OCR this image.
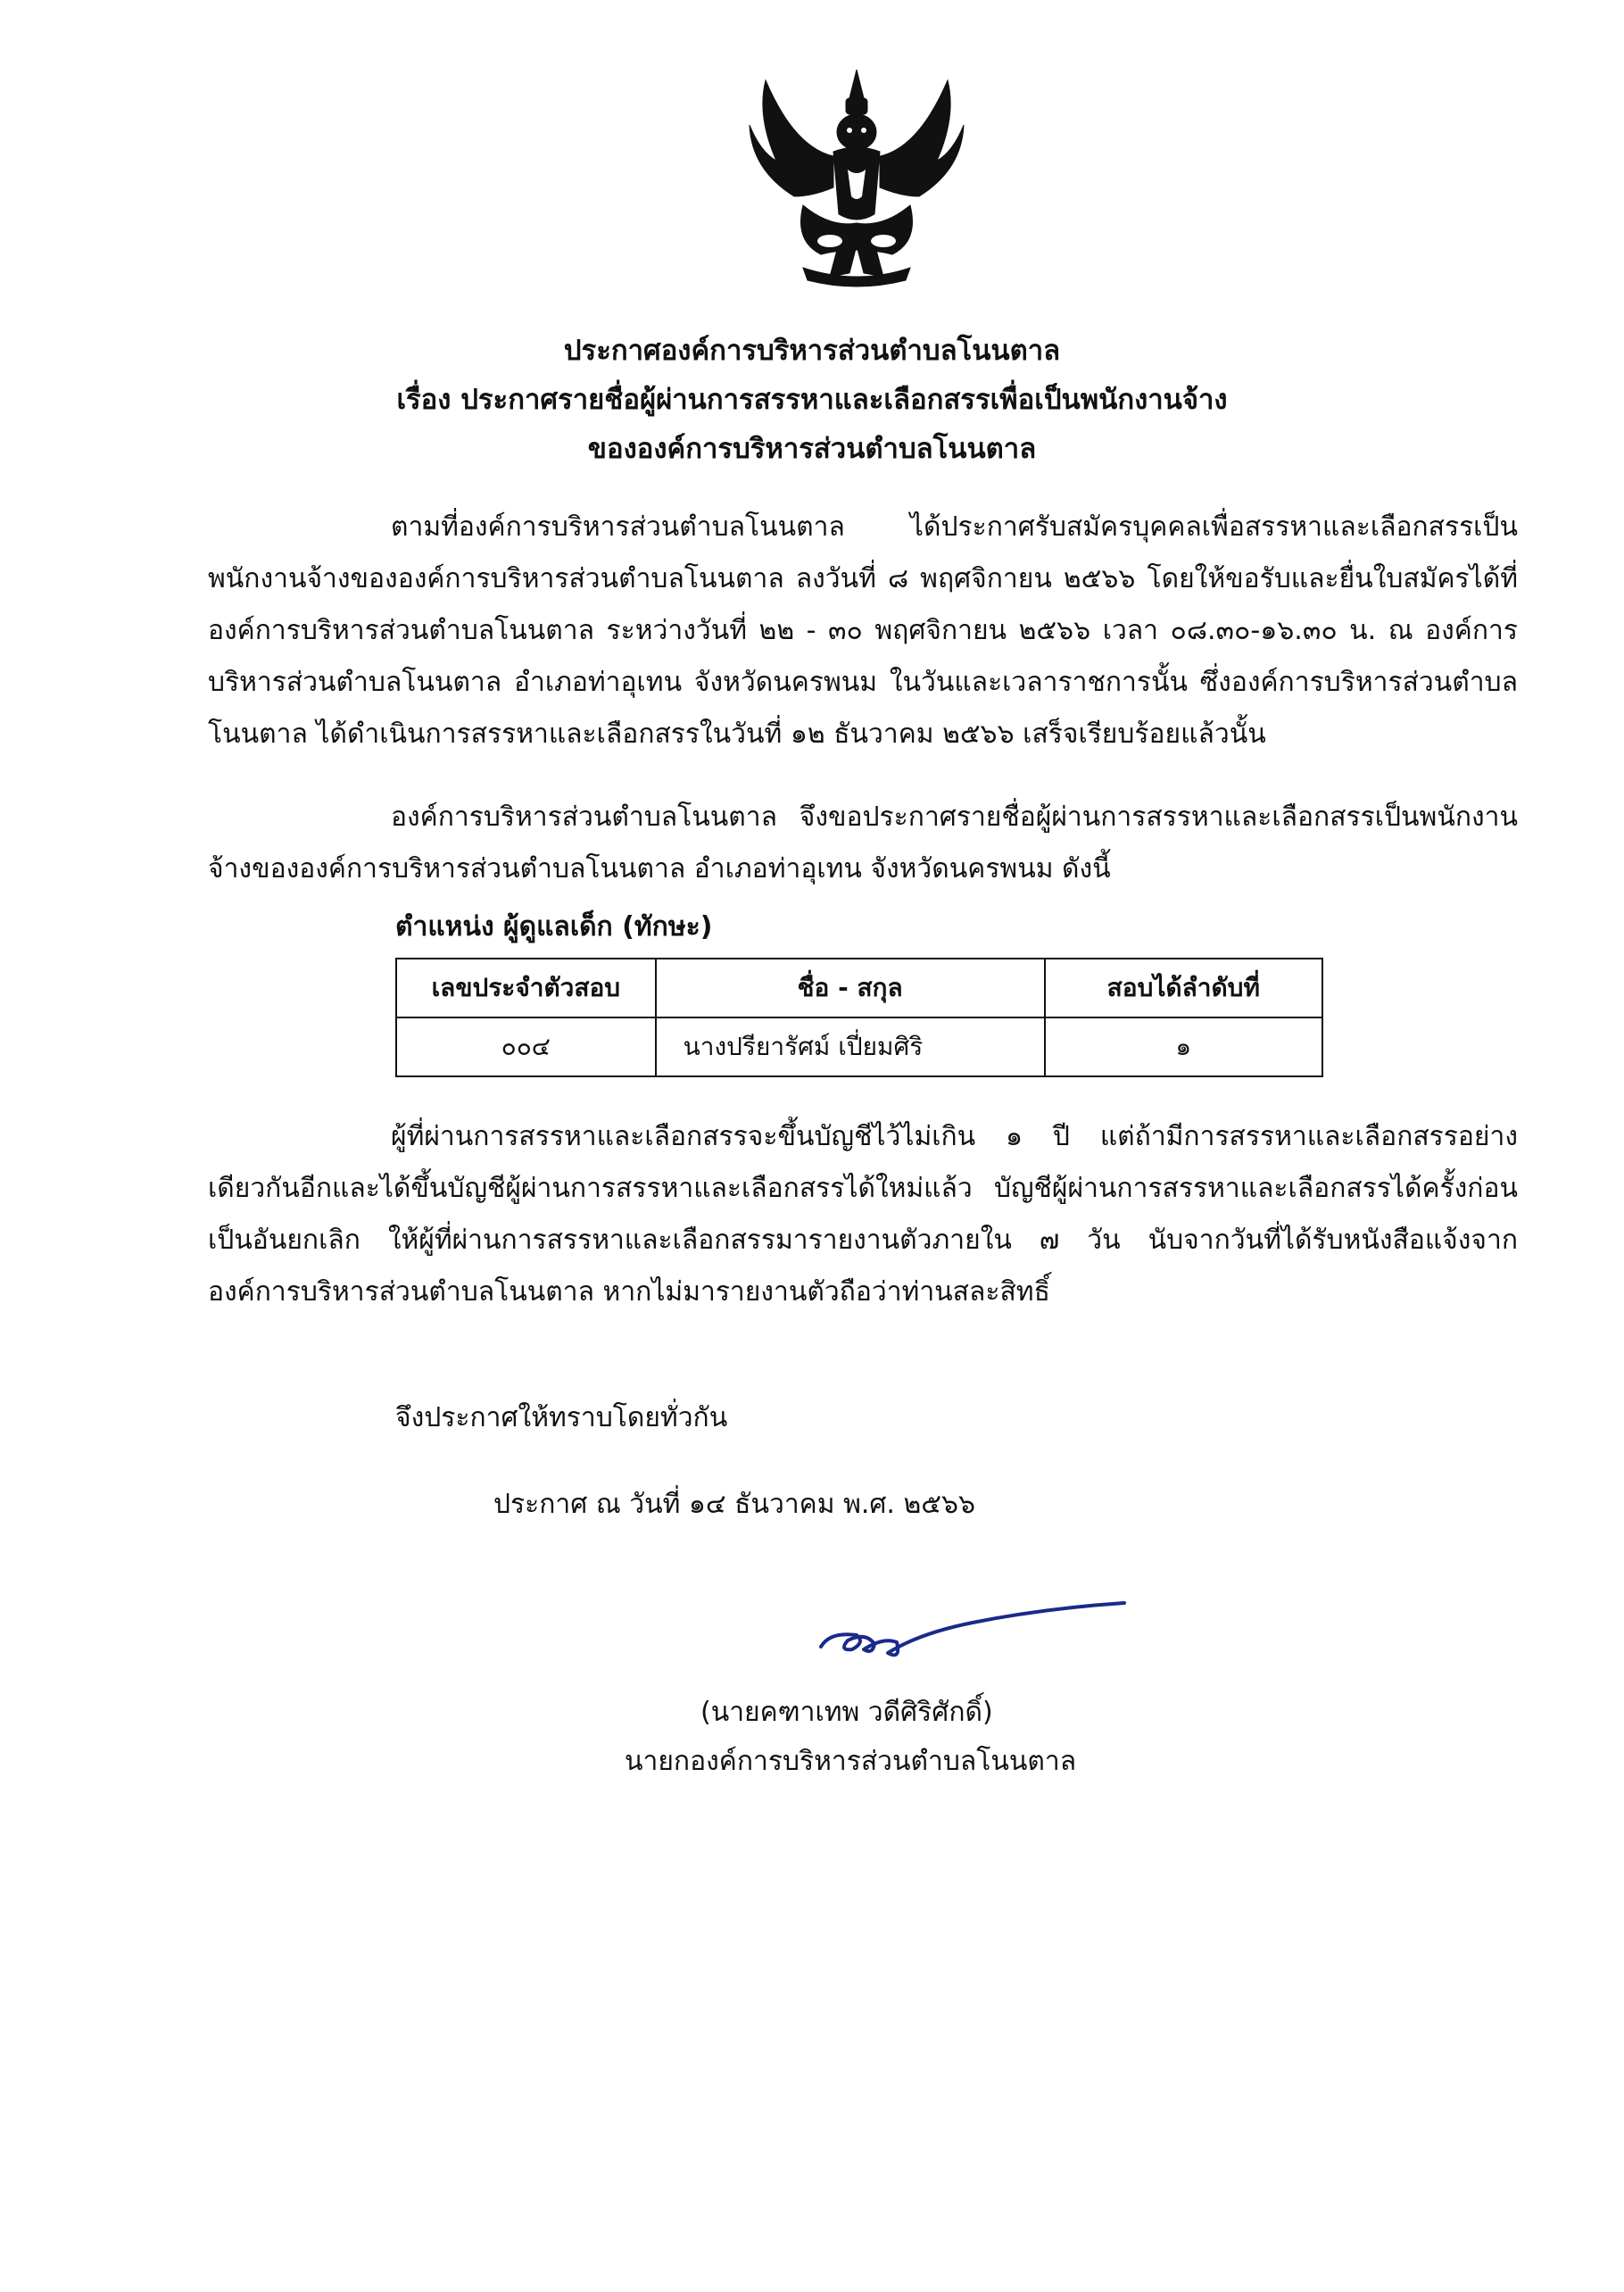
ประกาศองค์การบริหารส่วนตำบลโนนตาล
เรื่อง ประกาศรายชื่อผู้ผ่านการสรรหาและเลือกสรรเพื่อเป็นพนักงานจ้าง
ขององค์การบริหารส่วนตำบลโนนตาล
ตามที่องค์การบริหารส่วนตำบลโนนตาล ได้ประกาศรับสมัครบุคคลเพื่อสรรหาและเลือกสรรเป็นพนักงานจ้างขององค์การบริหารส่วนตำบลโนนตาล ลงวันที่ ๘ พฤศจิกายน ๒๕๖๖ โดยให้ขอรับและยื่นใบสมัครได้ที่องค์การบริหารส่วนตำบลโนนตาล ระหว่างวันที่ ๒๒ - ๓๐ พฤศจิกายน ๒๕๖๖ เวลา ๐๘.๓๐-๑๖.๓๐ น. ณ องค์การบริหารส่วนตำบลโนนตาล อำเภอท่าอุเทน จังหวัดนครพนม ในวันและเวลาราชการนั้น ซึ่งองค์การบริหารส่วนตำบลโนนตาล ได้ดำเนินการสรรหาและเลือกสรรในวันที่ ๑๒ ธันวาคม ๒๕๖๖ เสร็จเรียบร้อยแล้วนั้น
องค์การบริหารส่วนตำบลโนนตาล จึงขอประกาศรายชื่อผู้ผ่านการสรรหาและเลือกสรรเป็นพนักงานจ้างขององค์การบริหารส่วนตำบลโนนตาล อำเภอท่าอุเทน จังหวัดนครพนม ดังนี้
ตำแหน่ง ผู้ดูแลเด็ก (ทักษะ)
เลขประจำตัวสอบ	ชื่อ - สกุล	สอบได้ลำดับที่
๐๐๔	นางปรียารัศม์ เปี่ยมศิริ	๑
ผู้ที่ผ่านการสรรหาและเลือกสรรจะขึ้นบัญชีไว้ไม่เกิน ๑ ปี แต่ถ้ามีการสรรหาและเลือกสรรอย่างเดียวกันอีกและได้ขึ้นบัญชีผู้ผ่านการสรรหาและเลือกสรรได้ใหม่แล้ว บัญชีผู้ผ่านการสรรหาและเลือกสรรได้ครั้งก่อนเป็นอันยกเลิก ให้ผู้ที่ผ่านการสรรหาและเลือกสรรมารายงานตัวภายใน ๗ วัน นับจากวันที่ได้รับหนังสือแจ้งจากองค์การบริหารส่วนตำบลโนนตาล หากไม่มารายงานตัวถือว่าท่านสละสิทธิ์
จึงประกาศให้ทราบโดยทั่วกัน
ประกาศ ณ วันที่ ๑๔ ธันวาคม พ.ศ. ๒๕๖๖
(นายคฑาเทพ วดีศิริศักดิ์)
นายกองค์การบริหารส่วนตำบลโนนตาล
